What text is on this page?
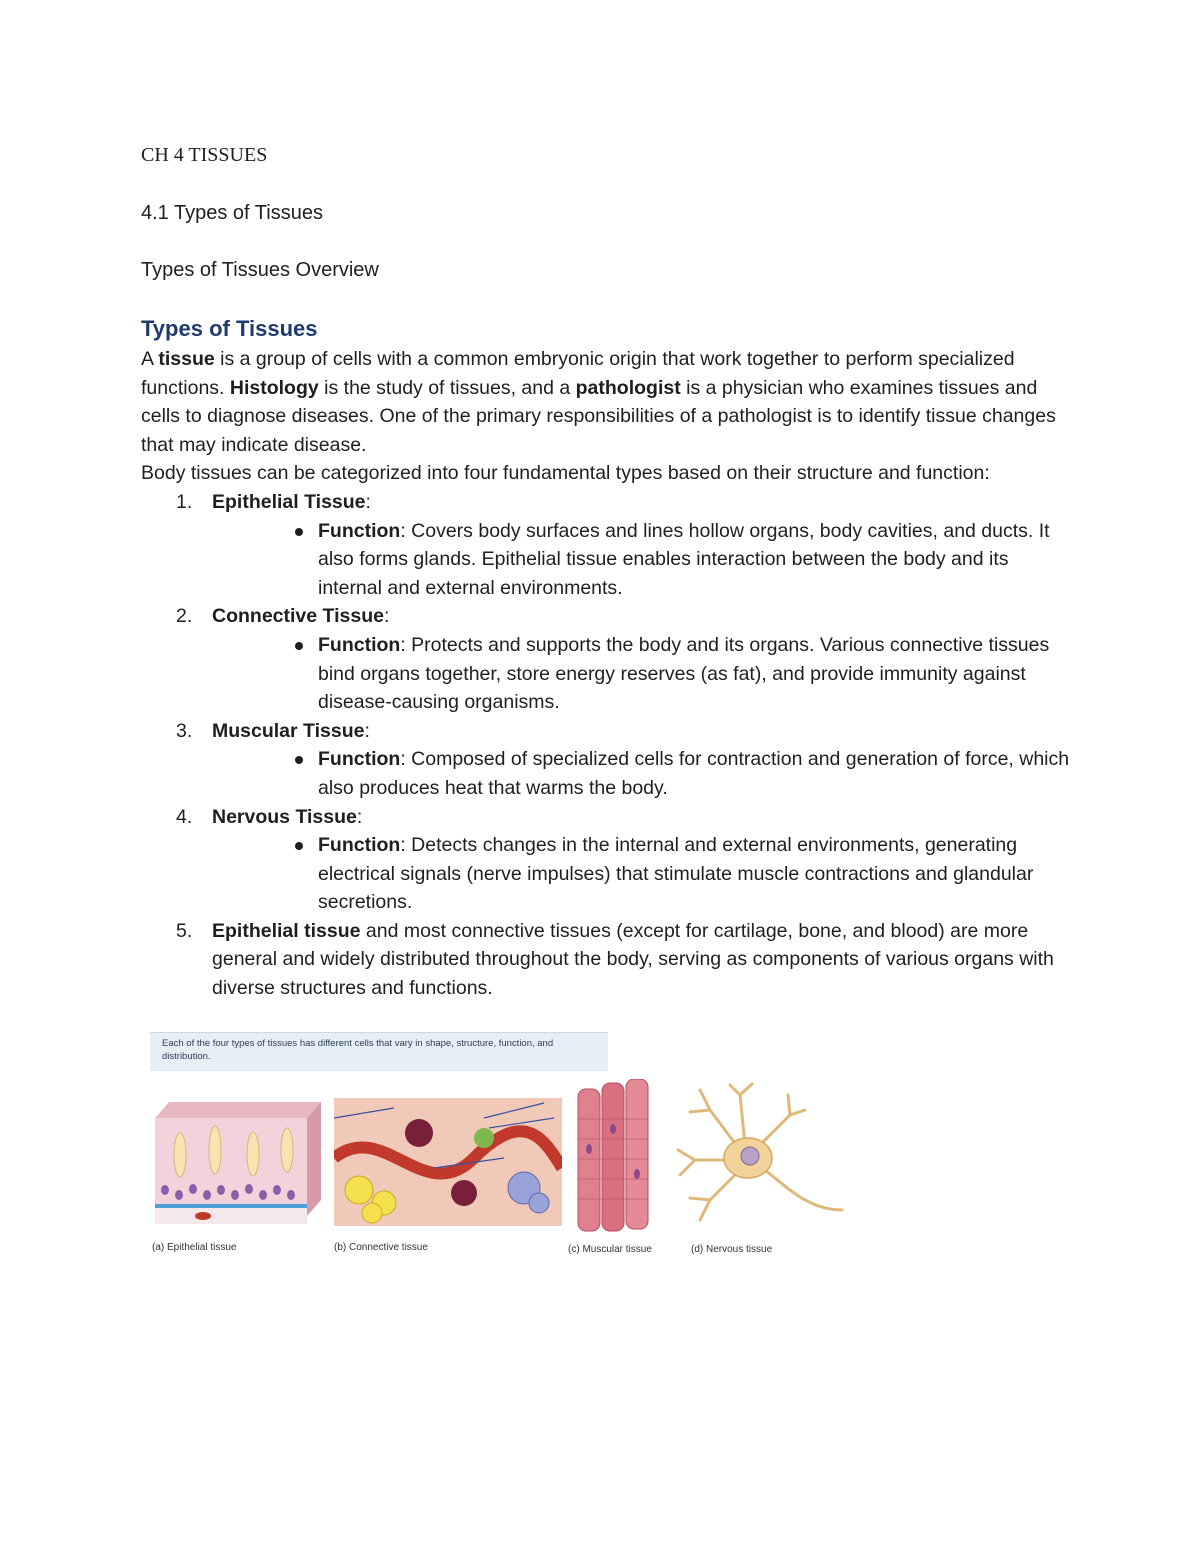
CH 4 TISSUES

4.1 Types of Tissues

Types of Tissues Overview

Types of Tissues

A tissue is a group of cells with a common embryonic origin that work together to perform specialized functions. Histology is the study of tissues, and a pathologist is a physician who examines tissues and cells to diagnose diseases. One of the primary responsibilities of a pathologist is to identify tissue changes that may indicate disease.

Body tissues can be categorized into four fundamental types based on their structure and function:

1. Epithelial Tissue:
Function: Covers body surfaces and lines hollow organs, body cavities, and ducts. It also forms glands. Epithelial tissue enables interaction between the body and its internal and external environments.
2. Connective Tissue:
Function: Protects and supports the body and its organs. Various connective tissues bind organs together, store energy reserves (as fat), and provide immunity against disease-causing organisms.
3. Muscular Tissue:
Function: Composed of specialized cells for contraction and generation of force, which also produces heat that warms the body.
4. Nervous Tissue:
Function: Detects changes in the internal and external environments, generating electrical signals (nerve impulses) that stimulate muscle contractions and glandular secretions.
5. Epithelial tissue and most connective tissues (except for cartilage, bone, and blood) are more general and widely distributed throughout the body, serving as components of various organs with diverse structures and functions.
Each of the four types of tissues has different cells that vary in shape, structure, function, and distribution.
(a) Epithelial tissue	(b) Connective tissue	(c) Muscular tissue	(d) Nervous tissue
